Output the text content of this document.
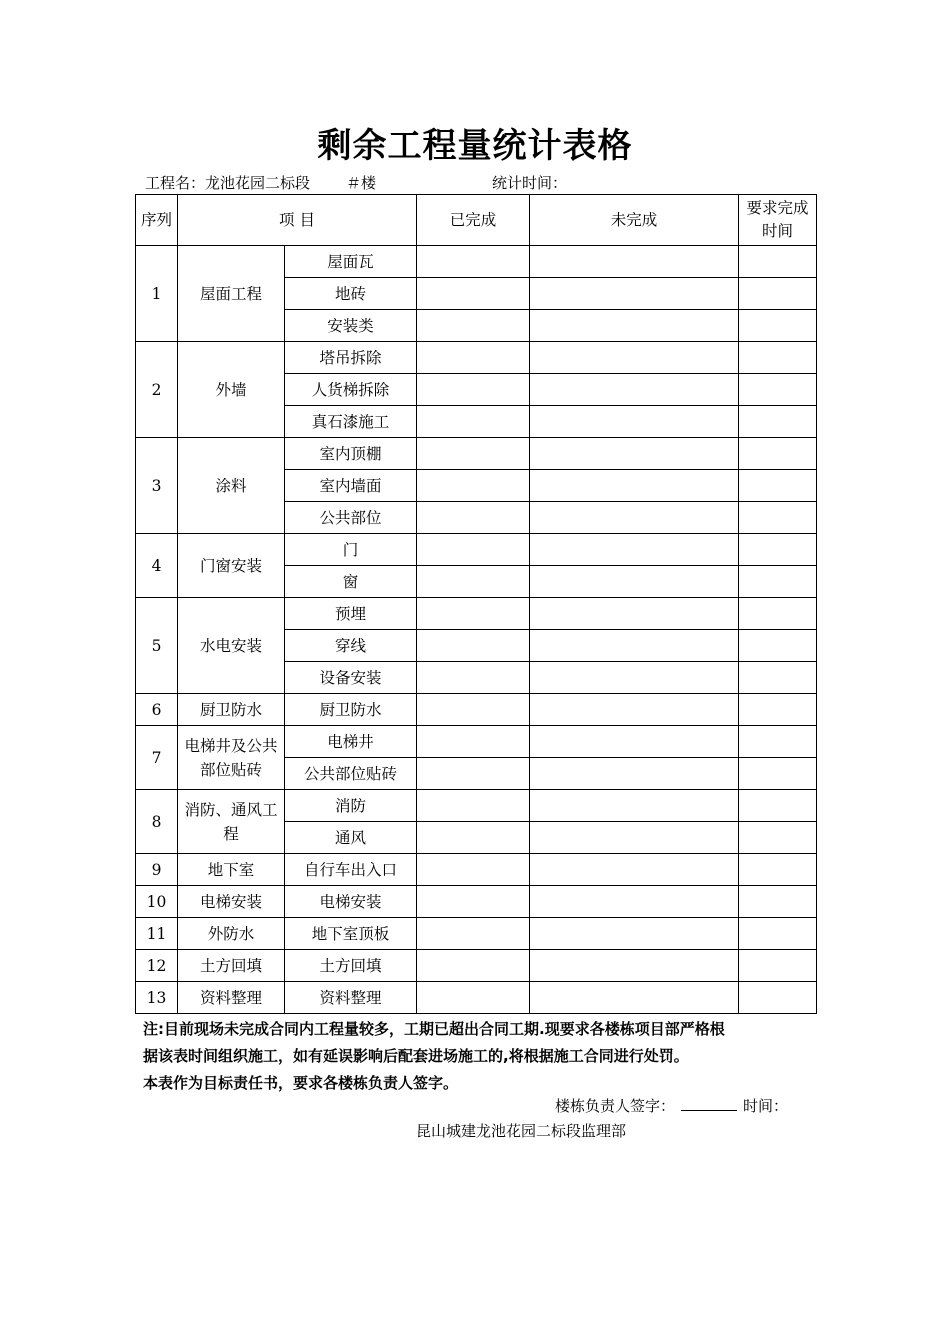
剩余工程量统计表格
工程名：龙池花园二标段 ＃楼	统计时间：
序列	项 目		已完成	未完成	要求完成时间
1	屋面工程	屋面瓦			
		地砖			
		安装类			
2	外墙	塔吊拆除			
		人货梯拆除			
		真石漆施工			
3	涂料	室内顶棚			
		室内墙面			
		公共部位			
4	门窗安装	门			
		窗			
5	水电安装	预埋			
		穿线			
		设备安装			
6	厨卫防水	厨卫防水			
7	电梯井及公共部位贴砖	电梯井			
		公共部位贴砖			
8	消防、通风工程	消防			
		通风			
9	地下室	自行车出入口			
10	电梯安装	电梯安装			
11	外防水	地下室顶板			
12	土方回填	土方回填			
13	资料整理	资料整理			
注:目前现场未完成合同内工程量较多，工期已超出合同工期.现要求各楼栋项目部严格根
据该表时间组织施工，如有延误影响后配套进场施工的,将根据施工合同进行处罚。
本表作为目标责任书，要求各楼栋负责人签字。
楼栋负责人签字：	时间：
昆山城建龙池花园二标段监理部
